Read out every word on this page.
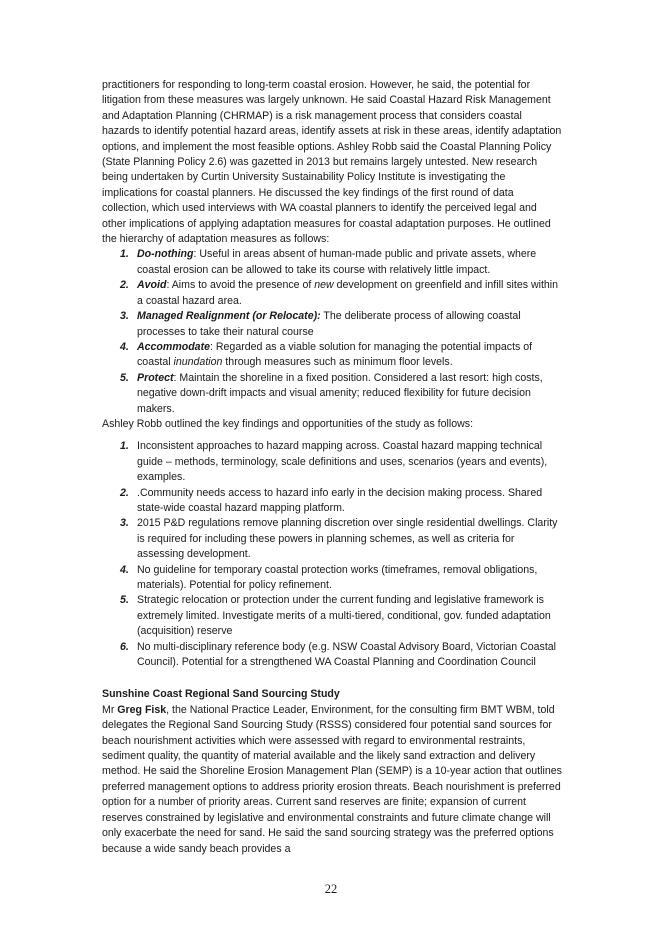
practitioners for responding to long-term coastal erosion. However, he said, the potential for litigation from these measures was largely unknown. He said Coastal Hazard Risk Management and Adaptation Planning (CHRMAP) is a risk management process that considers coastal hazards to identify potential hazard areas, identify assets at risk in these areas, identify adaptation options, and implement the most feasible options. Ashley Robb said the Coastal Planning Policy (State Planning Policy 2.6) was gazetted in 2013 but remains largely untested. New research being undertaken by Curtin University Sustainability Policy Institute is investigating the implications for coastal planners. He discussed the key findings of the first round of data collection, which used interviews with WA coastal planners to identify the perceived legal and other implications of applying adaptation measures for coastal adaptation purposes. He outlined the hierarchy of adaptation measures as follows:

1. Do-nothing: Useful in areas absent of human-made public and private assets, where coastal erosion can be allowed to take its course with relatively little impact.
2. Avoid: Aims to avoid the presence of new development on greenfield and infill sites within a coastal hazard area.
3. Managed Realignment (or Relocate): The deliberate process of allowing coastal processes to take their natural course
4. Accommodate: Regarded as a viable solution for managing the potential impacts of coastal inundation through measures such as minimum floor levels.
5. Protect: Maintain the shoreline in a fixed position. Considered a last resort: high costs, negative down-drift impacts and visual amenity; reduced flexibility for future decision makers.

Ashley Robb outlined the key findings and opportunities of the study as follows:

1. Inconsistent approaches to hazard mapping across. Coastal hazard mapping technical guide – methods, terminology, scale definitions and uses, scenarios (years and events), examples.
2. .Community needs access to hazard info early in the decision making process. Shared state-wide coastal hazard mapping platform.
3. 2015 P&D regulations remove planning discretion over single residential dwellings. Clarity is required for including these powers in planning schemes, as well as criteria for assessing development.
4. No guideline for temporary coastal protection works (timeframes, removal obligations, materials). Potential for policy refinement.
5. Strategic relocation or protection under the current funding and legislative framework is extremely limited. Investigate merits of a multi-tiered, conditional, gov. funded adaptation (acquisition) reserve
6. No multi-disciplinary reference body (e.g. NSW Coastal Advisory Board, Victorian Coastal Council). Potential for a strengthened WA Coastal Planning and Coordination Council

Sunshine Coast Regional Sand Sourcing Study

Mr Greg Fisk, the National Practice Leader, Environment, for the consulting firm BMT WBM, told delegates the Regional Sand Sourcing Study (RSSS) considered four potential sand sources for beach nourishment activities which were assessed with regard to environmental restraints, sediment quality, the quantity of material available and the likely sand extraction and delivery method. He said the Shoreline Erosion Management Plan (SEMP) is a 10-year action that outlines preferred management options to address priority erosion threats. Beach nourishment is preferred option for a number of priority areas. Current sand reserves are finite; expansion of current reserves constrained by legislative and environmental constraints and future climate change will only exacerbate the need for sand. He said the sand sourcing strategy was the preferred options because a wide sandy beach provides a

22
